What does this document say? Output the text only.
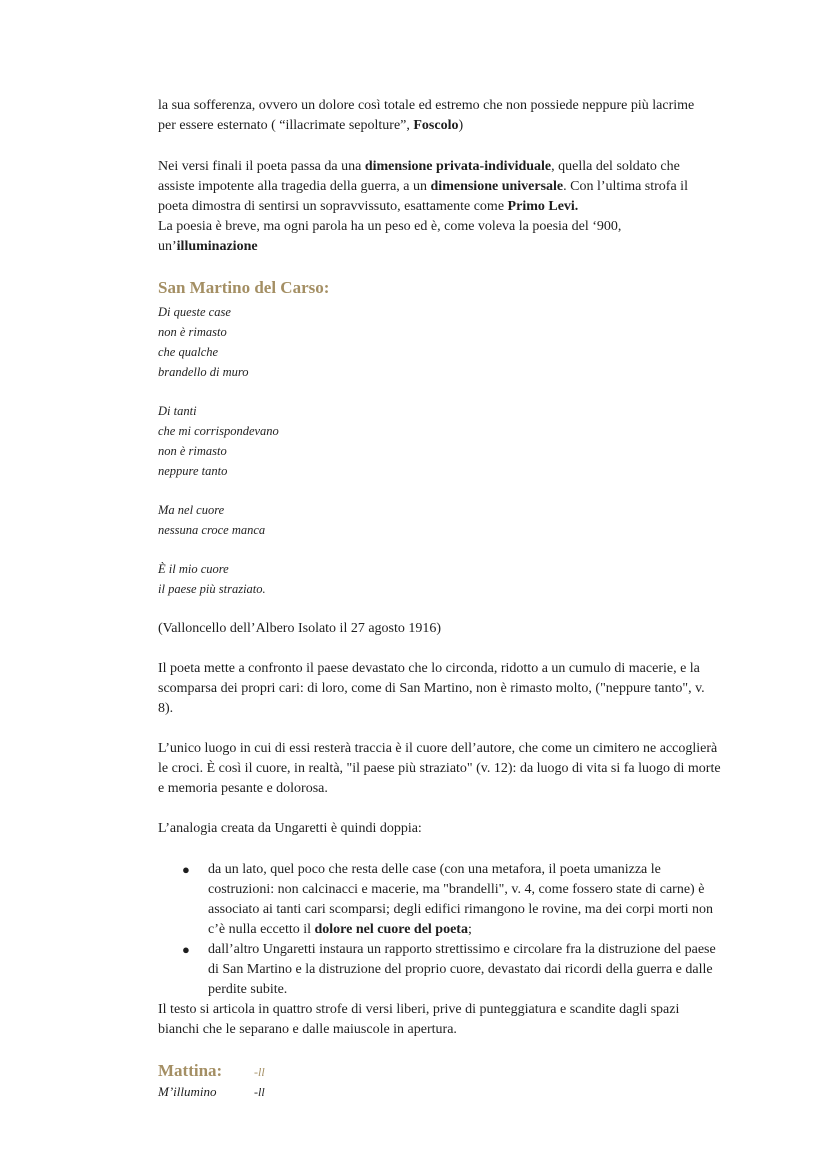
la sua sofferenza, ovvero un dolore così totale ed estremo che non possiede neppure più lacrime
per essere esternato ( “illacrimate sepolture”, Foscolo)

Nei versi finali il poeta passa da una dimensione privata-individuale, quella del soldato che
assiste impotente alla tragedia della guerra, a un dimensione universale. Con l’ultima strofa il
poeta dimostra di sentirsi un sopravvissuto, esattamente come Primo Levi.
La poesia è breve, ma ogni parola ha un peso ed è, come voleva la poesia del ‘900,
un’illuminazione

San Martino del Carso:

Di queste case

non è rimasto

che qualche

brandello di muro

Di tanti

che mi corrispondevano

non è rimasto

neppure tanto

Ma nel cuore

nessuna croce manca

È il mio cuore

il paese più straziato.

(Valloncello dell’Albero Isolato il 27 agosto 1916)

Il poeta mette a confronto il paese devastato che lo circonda, ridotto a un cumulo di macerie, e la
scomparsa dei propri cari: di loro, come di San Martino, non è rimasto molto, ("neppure tanto", v.
8).

L’unico luogo in cui di essi resterà traccia è il cuore dell’autore, che come un cimitero ne accoglierà
le croci. È così il cuore, in realtà, "il paese più straziato" (v. 12): da luogo di vita si fa luogo di morte
e memoria pesante e dolorosa.

L’analogia creata da Ungaretti è quindi doppia:

● da un lato, quel poco che resta delle case (con una metafora, il poeta umanizza le
costruzioni: non calcinacci e macerie, ma "brandelli", v. 4, come fossero state di carne) è
associato ai tanti cari scomparsi; degli edifici rimangono le rovine, ma dei corpi morti non
c’è nulla eccetto il dolore nel cuore del poeta;
● dall’altro Ungaretti instaura un rapporto strettissimo e circolare fra la distruzione del paese
di San Martino e la distruzione del proprio cuore, devastato dai ricordi della guerra e dalle
perdite subite.

Il testo si articola in quattro strofe di versi liberi, prive di punteggiatura e scandite dagli spazi
bianchi che le separano e dalle maiuscole in apertura.

Mattina:	-ll
M’illumino	-ll
